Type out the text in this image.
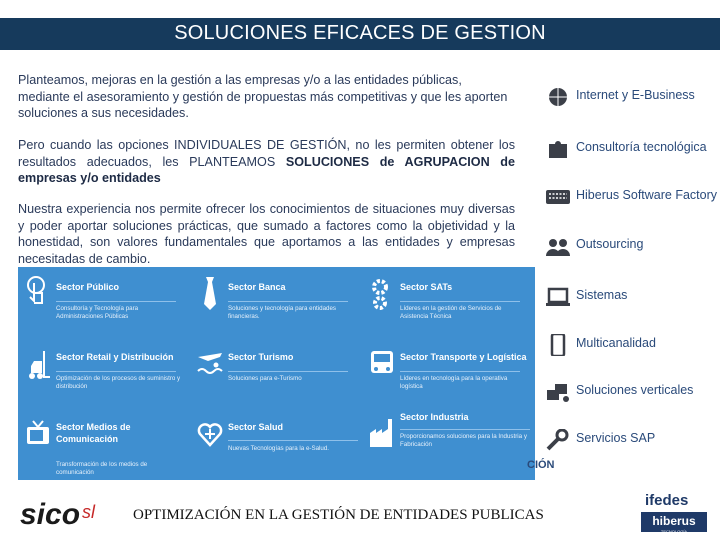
SOLUCIONES EFICACES DE GESTION
Planteamos, mejoras en la gestión a las empresas y/o a las entidades públicas, mediante el asesoramiento y gestión de propuestas más competitivas y que les aporten soluciones a sus necesidades.
Pero cuando las opciones INDIVIDUALES DE GESTIÓN, no les permiten obtener los resultados adecuados, les PLANTEAMOS SOLUCIONES de AGRUPACION de empresas y/o entidades
Nuestra experiencia nos permite ofrecer los conocimientos de situaciones muy diversas y poder aportar soluciones prácticas, que sumado a factores como la objetividad y la honestidad, son valores fundamentales que aportamos a las entidades y empresas necesitadas de cambio.
Sector Público
Consultoría y Tecnología para Administraciones Públicas
Sector Banca
Soluciones y tecnología para entidades financieras.
Sector SATs
Líderes en la gestión de Servicios de Asistencia Técnica
Sector Retail y Distribución
Optimización de los procesos de suministro y distribución
Sector Turismo
Soluciones para e-Turismo
Sector Transporte y Logística
Líderes en tecnología para la operativa logística
Sector Medios de Comunicación
Transformación de los medios de comunicación
Sector Salud
Nuevas Tecnologías para la e-Salud.
Sector Industria
Proporcionamos soluciones para la Industria y Fabricación
Internet y E-Business
Consultoría tecnológica
Hiberus Software Factory
Outsourcing
Sistemas
Multicanalidad
Soluciones verticales
Servicios SAP
CIÓN
sico sl	OPTIMIZACIÓN EN LA GESTIÓN DE ENTIDADES PUBLICAS
ifedes
hiberus
TECNOLOGÍA
